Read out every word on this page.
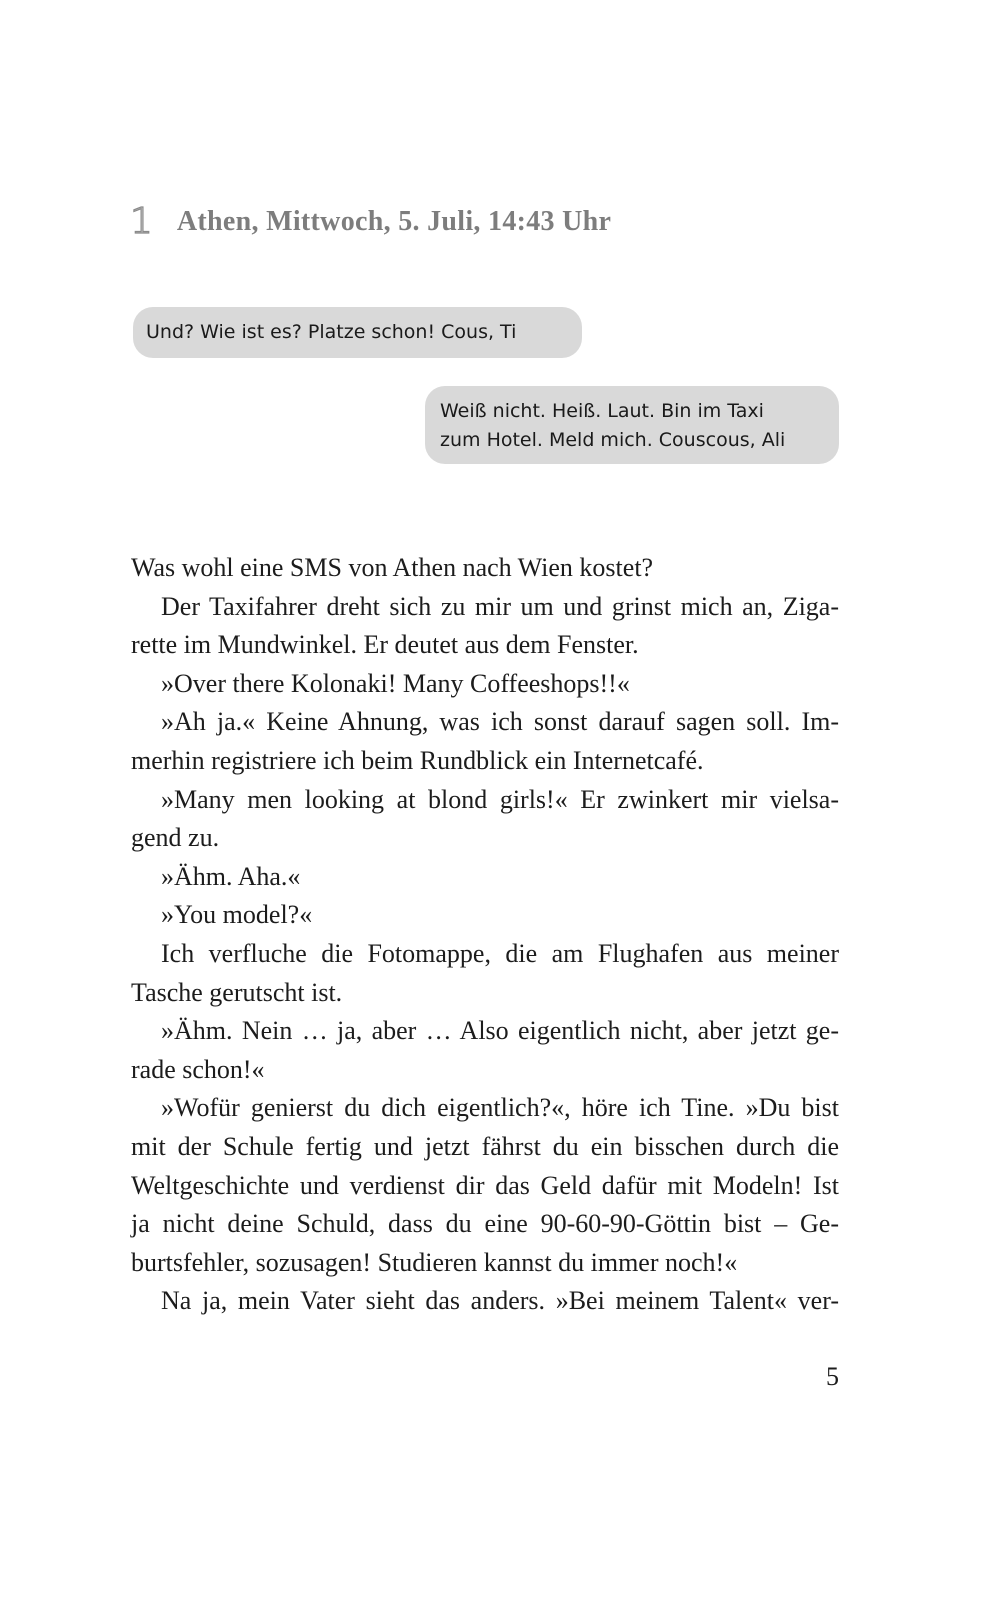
1 Athen, Mittwoch, 5. Juli, 14:43 Uhr
Und? Wie ist es? Platze schon! Cous, Ti
Weiß nicht. Heiß. Laut. Bin im Taxi
zum Hotel. Meld mich. Couscous, Ali
Was wohl eine SMS von Athen nach Wien kostet?
Der Taxifahrer dreht sich zu mir um und grinst mich an, Ziga-
rette im Mundwinkel. Er deutet aus dem Fenster.
»Over there Kolonaki! Many Coffeeshops!!«
»Ah ja.« Keine Ahnung, was ich sonst darauf sagen soll. Im-
merhin registriere ich beim Rundblick ein Internetcafé.
»Many men looking at blond girls!« Er zwinkert mir vielsa-
gend zu.
»Ähm. Aha.«
»You model?«
Ich verfluche die Fotomappe, die am Flughafen aus meiner
Tasche gerutscht ist.
»Ähm. Nein … ja, aber … Also eigentlich nicht, aber jetzt ge-
rade schon!«
»Wofür genierst du dich eigentlich?«, höre ich Tine. »Du bist
mit der Schule fertig und jetzt fährst du ein bisschen durch die
Weltgeschichte und verdienst dir das Geld dafür mit Modeln! Ist
ja nicht deine Schuld, dass du eine 90-60-90-Göttin bist – Ge-
burtsfehler, sozusagen! Studieren kannst du immer noch!«
Na ja, mein Vater sieht das anders. »Bei meinem Talent« ver-
5
